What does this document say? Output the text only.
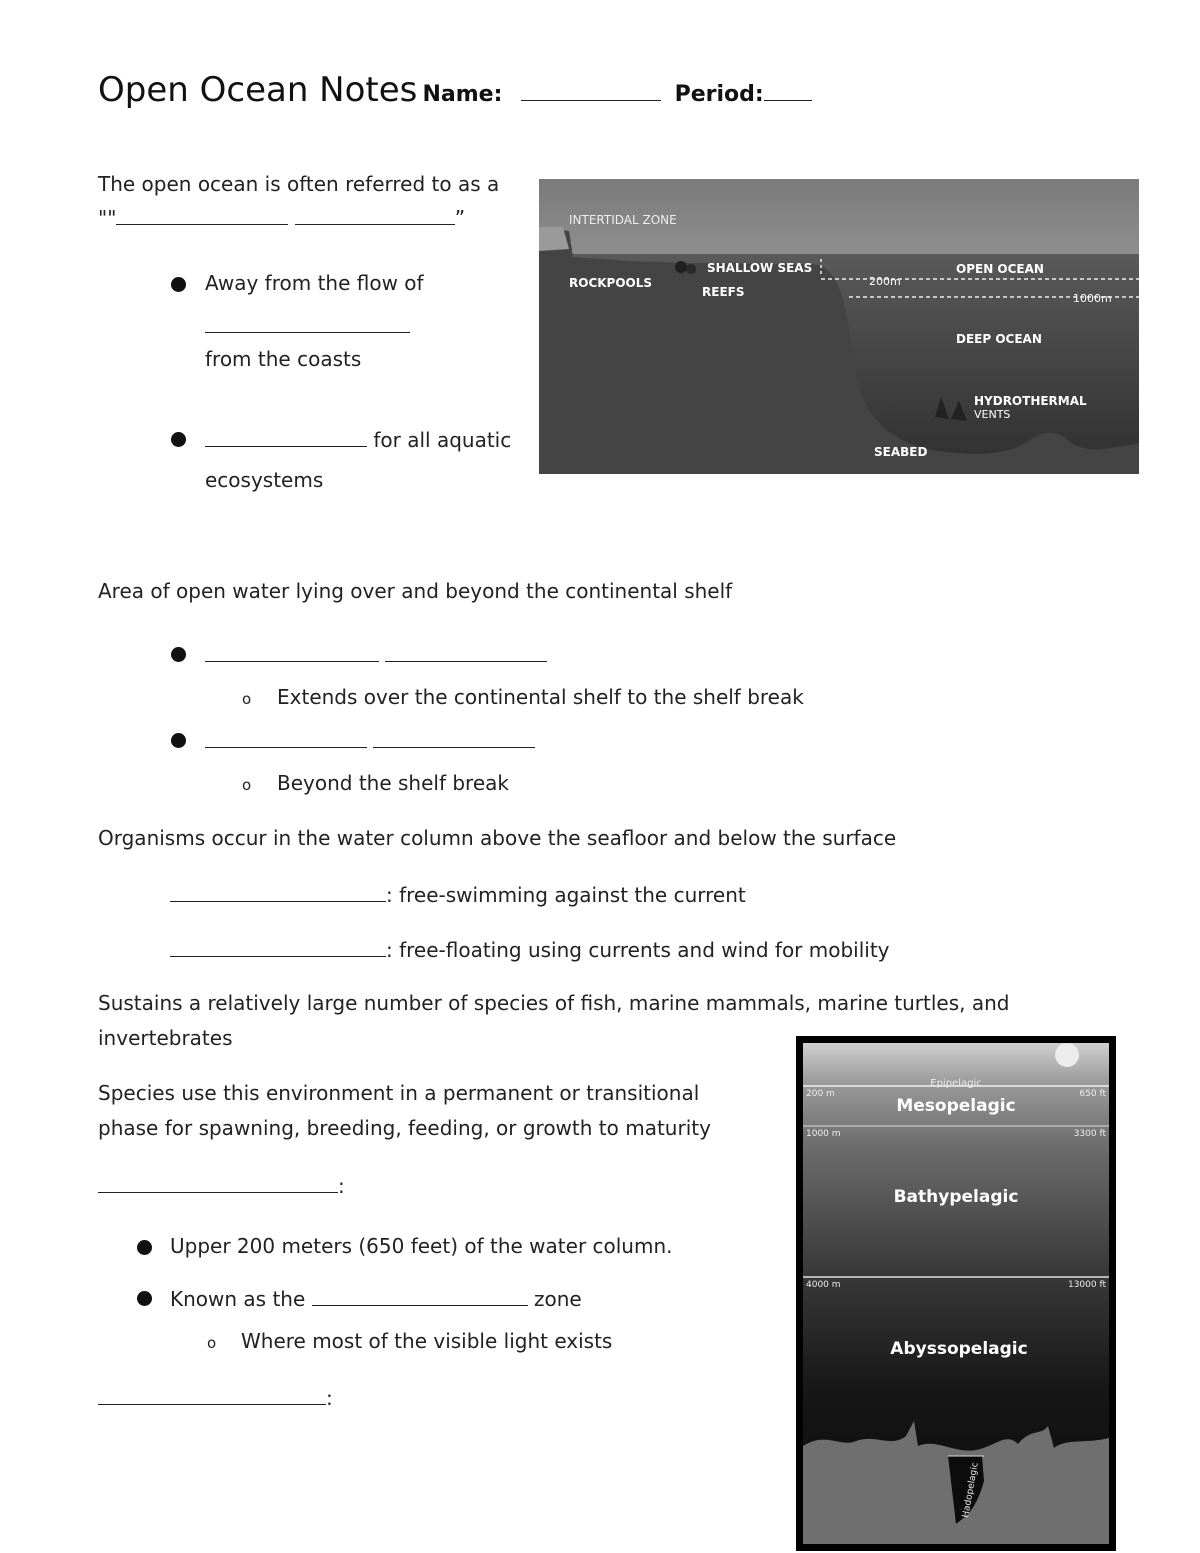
Open Ocean Notes Name:	Period:
The open ocean is often referred to as a
""	”
Away from the flow of
from the coasts
for all aquatic
ecosystems
INTERTIDAL ZONE
ROCKPOOLS
SHALLOW SEAS
REEFS
OPEN OCEAN
200m
1000m
DEEP OCEAN
HYDROTHERMAL
VENTS
SEABED
Area of open water lying over and beyond the continental shelf

o Extends over the continental shelf to the shelf break

o Beyond the shelf break
Organisms occur in the water column above the seafloor and below the surface
: free-swimming against the current
: free-floating using currents and wind for mobility
Sustains a relatively large number of species of fish, marine mammals, marine turtles, and
invertebrates
Species use this environment in a permanent or transitional
phase for spawning, breeding, feeding, or growth to maturity
:
Upper 200 meters (650 feet) of the water column.
Known as the	zone
o Where most of the visible light exists
:
Epipelagic
Mesopelagic
Bathypelagic
Abyssopelagic
Hadopelagic
200 m	650 ft
1000 m	3300 ft
4000 m	13000 ft
